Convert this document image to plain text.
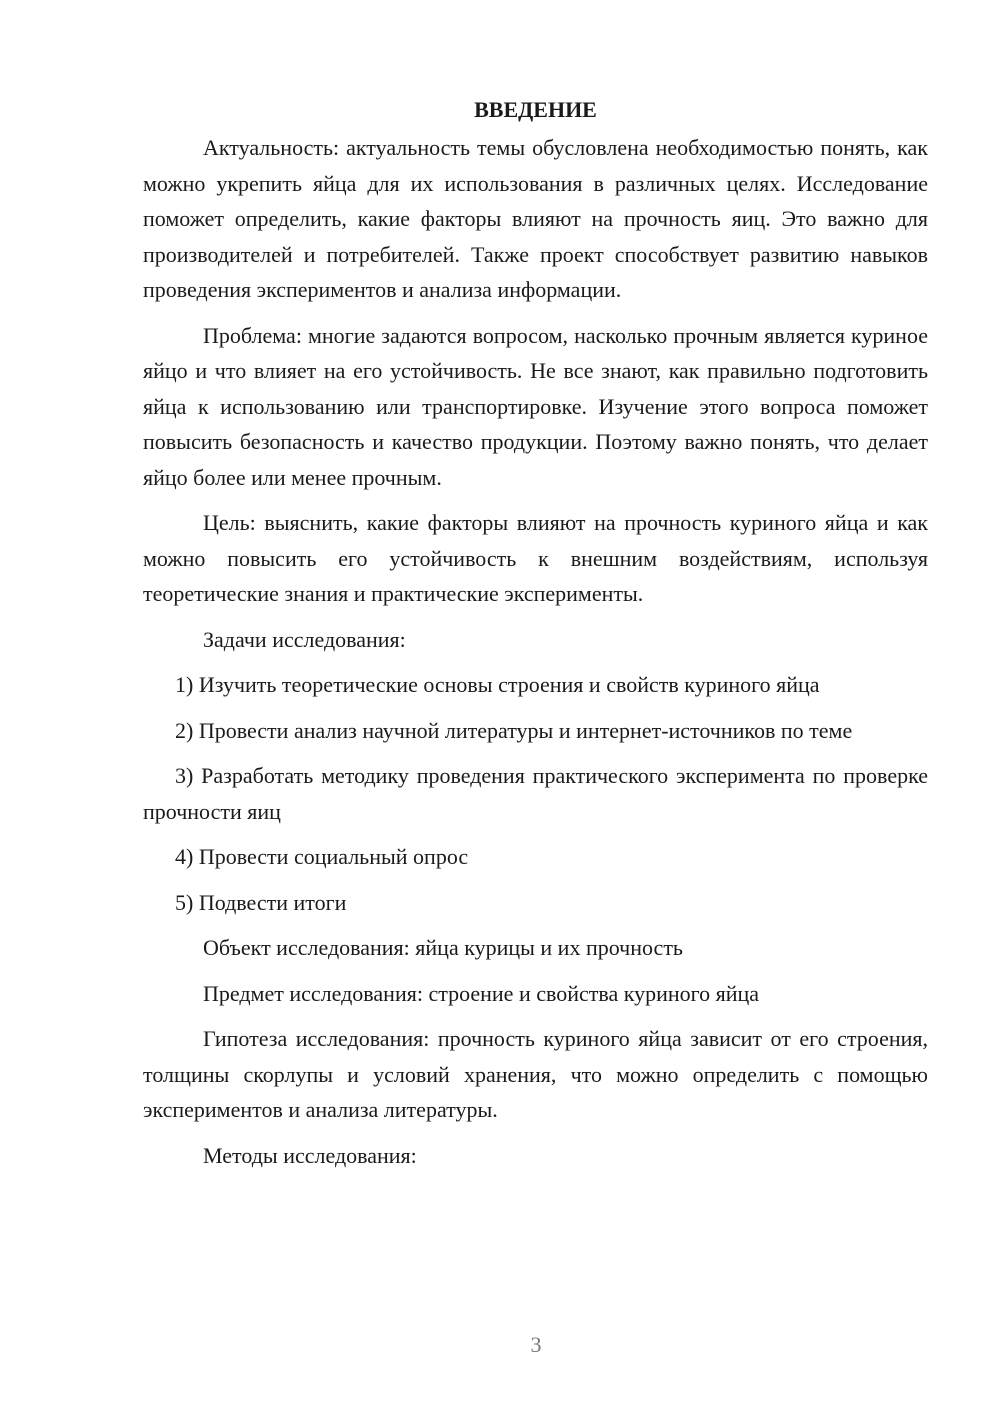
ВВЕДЕНИЕ

Актуальность: актуальность темы обусловлена необходимостью понять, как можно укрепить яйца для их использования в различных целях. Исследование поможет определить, какие факторы влияют на прочность яиц. Это важно для производителей и потребителей. Также проект способствует развитию навыков проведения экспериментов и анализа информации.

Проблема: многие задаются вопросом, насколько прочным является куриное яйцо и что влияет на его устойчивость. Не все знают, как правильно подготовить яйца к использованию или транспортировке. Изучение этого вопроса поможет повысить безопасность и качество продукции. Поэтому важно понять, что делает яйцо более или менее прочным.

Цель: выяснить, какие факторы влияют на прочность куриного яйца и как можно повысить его устойчивость к внешним воздействиям, используя теоретические знания и практические эксперименты.

Задачи исследования:

1) Изучить теоретические основы строения и свойств куриного яйца

2) Провести анализ научной литературы и интернет-источников по теме

3) Разработать методику проведения практического эксперимента по проверке прочности яиц

4) Провести социальный опрос

5) Подвести итоги

Объект исследования: яйца курицы и их прочность

Предмет исследования: строение и свойства куриного яйца

Гипотеза исследования: прочность куриного яйца зависит от его строения, толщины скорлупы и условий хранения, что можно определить с помощью экспериментов и анализа литературы.

Методы исследования:

3
